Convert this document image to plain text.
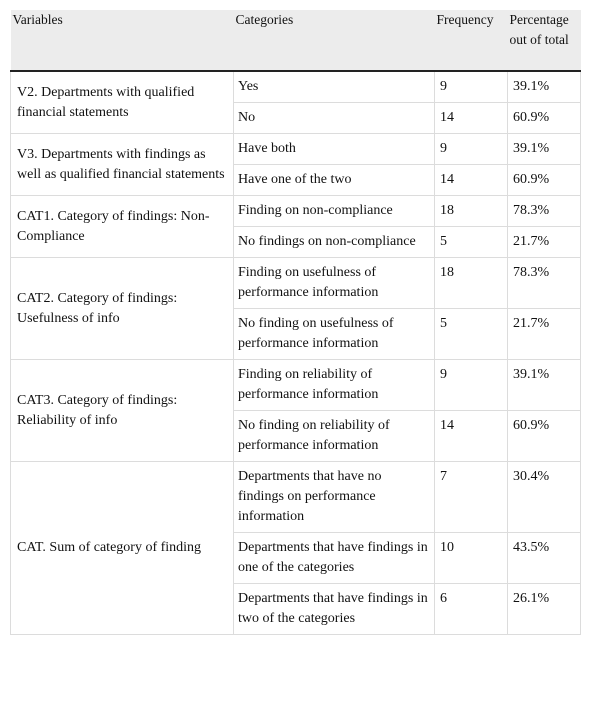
Variables	Categories	Frequency	Percentage out of total
V2. Departments with qualified financial statements	Yes	9	39.1%
	No	14	60.9%
V3. Departments with findings as well as qualified financial statements	Have both	9	39.1%
	Have one of the two	14	60.9%
CAT1. Category of findings: Non-Compliance	Finding on non-compliance	18	78.3%
	No findings on non-compliance	5	21.7%
CAT2. Category of findings: Usefulness of info	Finding on usefulness of performance information	18	78.3%
	No finding on usefulness of performance information	5	21.7%
CAT3. Category of findings: Reliability of info	Finding on reliability of performance information	9	39.1%
	No finding on reliability of performance information	14	60.9%
CAT. Sum of category of finding	Departments that have no findings on performance information	7	30.4%
	Departments that have findings in one of the categories	10	43.5%
	Departments that have findings in two of the categories	6	26.1%
